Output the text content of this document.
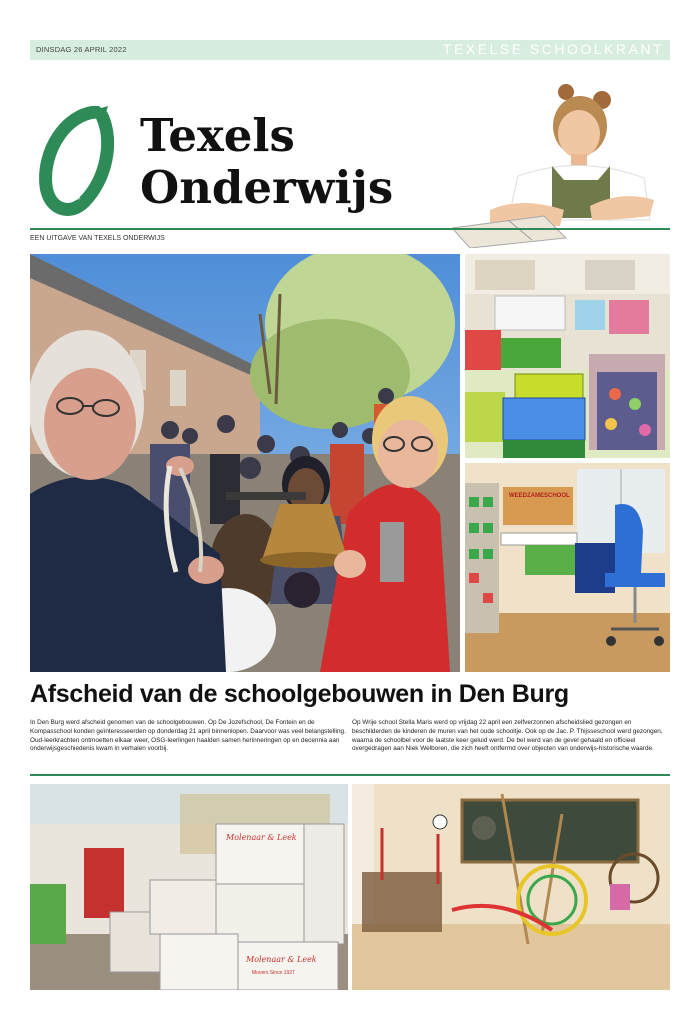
DINSDAG 26 APRIL 2022	TEXELSE SCHOOLKRANT
Texels
Onderwijs
EEN UITGAVE VAN TEXELS ONDERWIJS
WEEDZAMESCHOOL
Afscheid van de schoolgebouwen in Den Burg

In Den Burg werd afscheid genomen van de schoolgebouwen. Op De Jozefschool, De Fontein en de Kompasschool konden geïnteresseerden op donderdag 21 april binnenlopen. Daarvoor was veel belangstelling. Oud-leerkrachten ontmoetten elkaar weer, OSG-leerlingen haalden samen herinneringen op en decennia aan onderwijsgeschiedenis kwam in verhalen voorbij.

Op Wrije school Stella Maris werd op vrijdag 22 april een zelfverzonnen afscheidslied gezongen en beschilderden de kinderen de muren van het oude schooltje. Ook op de Jac. P. Thijsseschool werd gezongen, waarna de schoolbel voor de laatste keer geluid werd. De bel werd van de gevel gehaald en officieel overgedragen aan Niek Welboren, die zich heeft ontfermd over objecten van onderwijs-historische waarde.

Molenaar & Leek
Molenaar & Leek
Movers Since 1927
